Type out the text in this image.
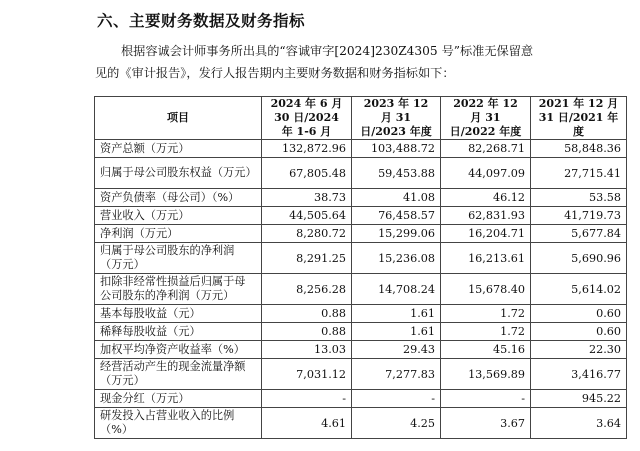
六、主要财务数据及财务指标
根据容诚会计师事务所出具的“容诚审字[2024]230Z4305 号”标准无保留意
见的《审计报告》，发行人报告期内主要财务数据和财务指标如下：
项目	2024 年 6 月 30 日/2024 年 1-6 月	2023 年 12 月 31 日/2023 年度	2022 年 12 月 31 日/2022 年度	2021 年 12 月 31 日/2021 年度
资产总额（万元）	132,872.96	103,488.72	82,268.71	58,848.36
归属于母公司股东权益（万元）	67,805.48	59,453.88	44,097.09	27,715.41
资产负债率（母公司）（%）	38.73	41.08	46.12	53.58
营业收入（万元）	44,505.64	76,458.57	62,831.93	41,719.73
净利润（万元）	8,280.72	15,299.06	16,204.71	5,677.84
归属于母公司股东的净利润（万元）	8,291.25	15,236.08	16,213.61	5,690.96
扣除非经常性损益后归属于母公司股东的净利润（万元）	8,256.28	14,708.24	15,678.40	5,614.02
基本每股收益（元）	0.88	1.61	1.72	0.60
稀释每股收益（元）	0.88	1.61	1.72	0.60
加权平均净资产收益率（%）	13.03	29.43	45.16	22.30
经营活动产生的现金流量净额（万元）	7,031.12	7,277.83	13,569.89	3,416.77
现金分红（万元）	-	-	-	945.22
研发投入占营业收入的比例（%）	4.61	4.25	3.67	3.64
